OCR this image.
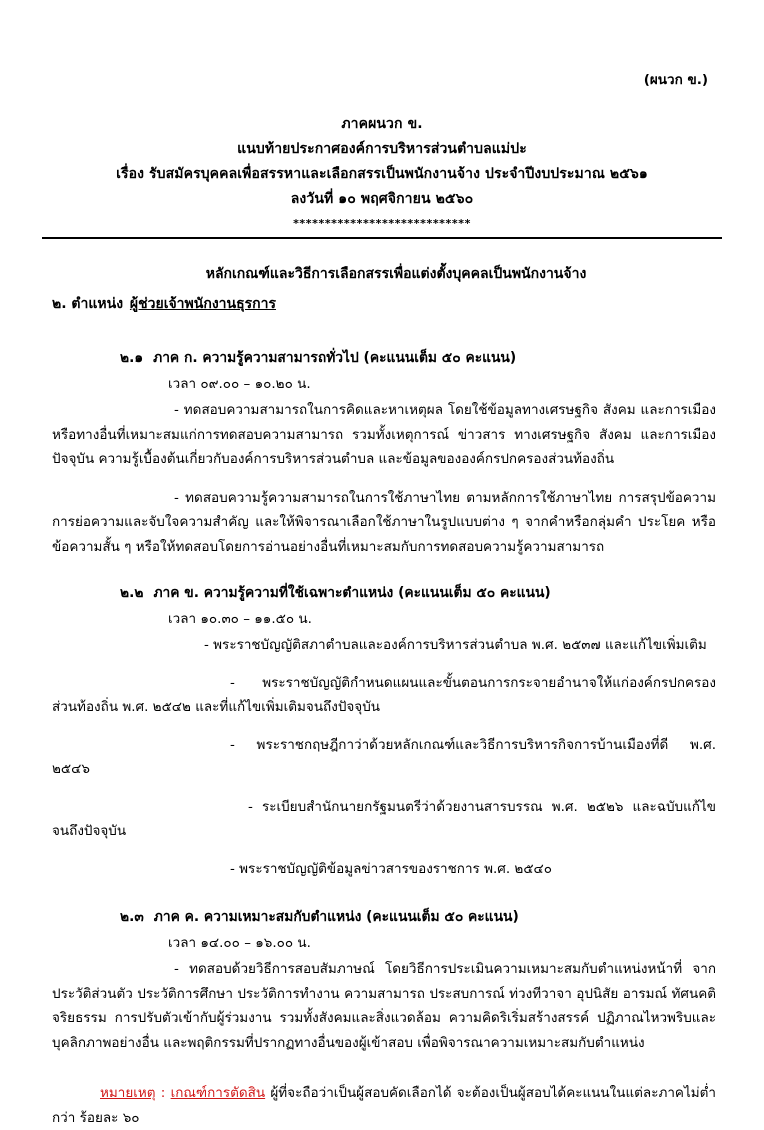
(ผนวก ข.)
ภาคผนวก ข.
แนบท้ายประกาศองค์การบริหารส่วนตำบลแม่ปะ
เรื่อง รับสมัครบุคคลเพื่อสรรหาและเลือกสรรเป็นพนักงานจ้าง ประจำปีงบประมาณ ๒๕๖๑
ลงวันที่ ๑๐ พฤศจิกายน ๒๕๖๐
****************************
หลักเกณฑ์และวิธีการเลือกสรรเพื่อแต่งตั้งบุคคลเป็นพนักงานจ้าง
๒. ตำแหน่ง ผู้ช่วยเจ้าพนักงานธุรการ
๒.๑ ภาค ก. ความรู้ความสามารถทั่วไป (คะแนนเต็ม ๕๐ คะแนน)
เวลา ๐๙.๐๐ – ๑๐.๒๐ น.
- ทดสอบความสามารถในการคิดและหาเหตุผล โดยใช้ข้อมูลทางเศรษฐกิจ สังคม และการเมือง หรือทางอื่นที่เหมาะสมแก่การทดสอบความสามารถ รวมทั้งเหตุการณ์ ข่าวสาร ทางเศรษฐกิจ สังคม และการเมืองปัจจุบัน ความรู้เบื้องต้นเกี่ยวกับองค์การบริหารส่วนตำบล และข้อมูลขององค์กรปกครองส่วนท้องถิ่น
- ทดสอบความรู้ความสามารถในการใช้ภาษาไทย ตามหลักการใช้ภาษาไทย การสรุปข้อความ การย่อความและจับใจความสำคัญ และให้พิจารณาเลือกใช้ภาษาในรูปแบบต่าง ๆ จากคำหรือกลุ่มคำ ประโยค หรือข้อความสั้น ๆ หรือให้ทดสอบโดยการอ่านอย่างอื่นที่เหมาะสมกับการทดสอบความรู้ความสามารถ
๒.๒ ภาค ข. ความรู้ความที่ใช้เฉพาะตำแหน่ง (คะแนนเต็ม ๕๐ คะแนน)
เวลา ๑๐.๓๐ – ๑๑.๕๐ น.
- พระราชบัญญัติสภาตำบลและองค์การบริหารส่วนตำบล พ.ศ. ๒๕๓๗ และแก้ไขเพิ่มเติม
- พระราชบัญญัติกำหนดแผนและขั้นตอนการกระจายอำนาจให้แก่องค์กรปกครองส่วนท้องถิ่น พ.ศ. ๒๕๔๒ และที่แก้ไขเพิ่มเติมจนถึงปัจจุบัน
- พระราชกฤษฎีกาว่าด้วยหลักเกณฑ์และวิธีการบริหารกิจการบ้านเมืองที่ดี พ.ศ. ๒๕๔๖
- ระเบียบสำนักนายกรัฐมนตรีว่าด้วยงานสารบรรณ พ.ศ. ๒๕๒๖ และฉบับแก้ไขจนถึงปัจจุบัน
- พระราชบัญญัติข้อมูลข่าวสารของราชการ พ.ศ. ๒๕๔๐
๒.๓ ภาค ค. ความเหมาะสมกับตำแหน่ง (คะแนนเต็ม ๕๐ คะแนน)
เวลา ๑๔.๐๐ – ๑๖.๐๐ น.
- ทดสอบด้วยวิธีการสอบสัมภาษณ์ โดยวิธีการประเมินความเหมาะสมกับตำแหน่งหน้าที่ จากประวัติส่วนตัว ประวัติการศึกษา ประวัติการทำงาน ความสามารถ ประสบการณ์ ท่วงทีวาจา อุปนิสัย อารมณ์ ทัศนคติ จริยธรรม การปรับตัวเข้ากับผู้ร่วมงาน รวมทั้งสังคมและสิ่งแวดล้อม ความคิดริเริ่มสร้างสรรค์ ปฏิภาณไหวพริบและบุคลิกภาพอย่างอื่น และพฤติกรรมที่ปรากฏทางอื่นของผู้เข้าสอบ เพื่อพิจารณาความเหมาะสมกับตำแหน่ง
หมายเหตุ : เกณฑ์การตัดสิน ผู้ที่จะถือว่าเป็นผู้สอบคัดเลือกได้ จะต้องเป็นผู้สอบได้คะแนนในแต่ละภาคไม่ต่ำกว่า ร้อยละ ๖๐
